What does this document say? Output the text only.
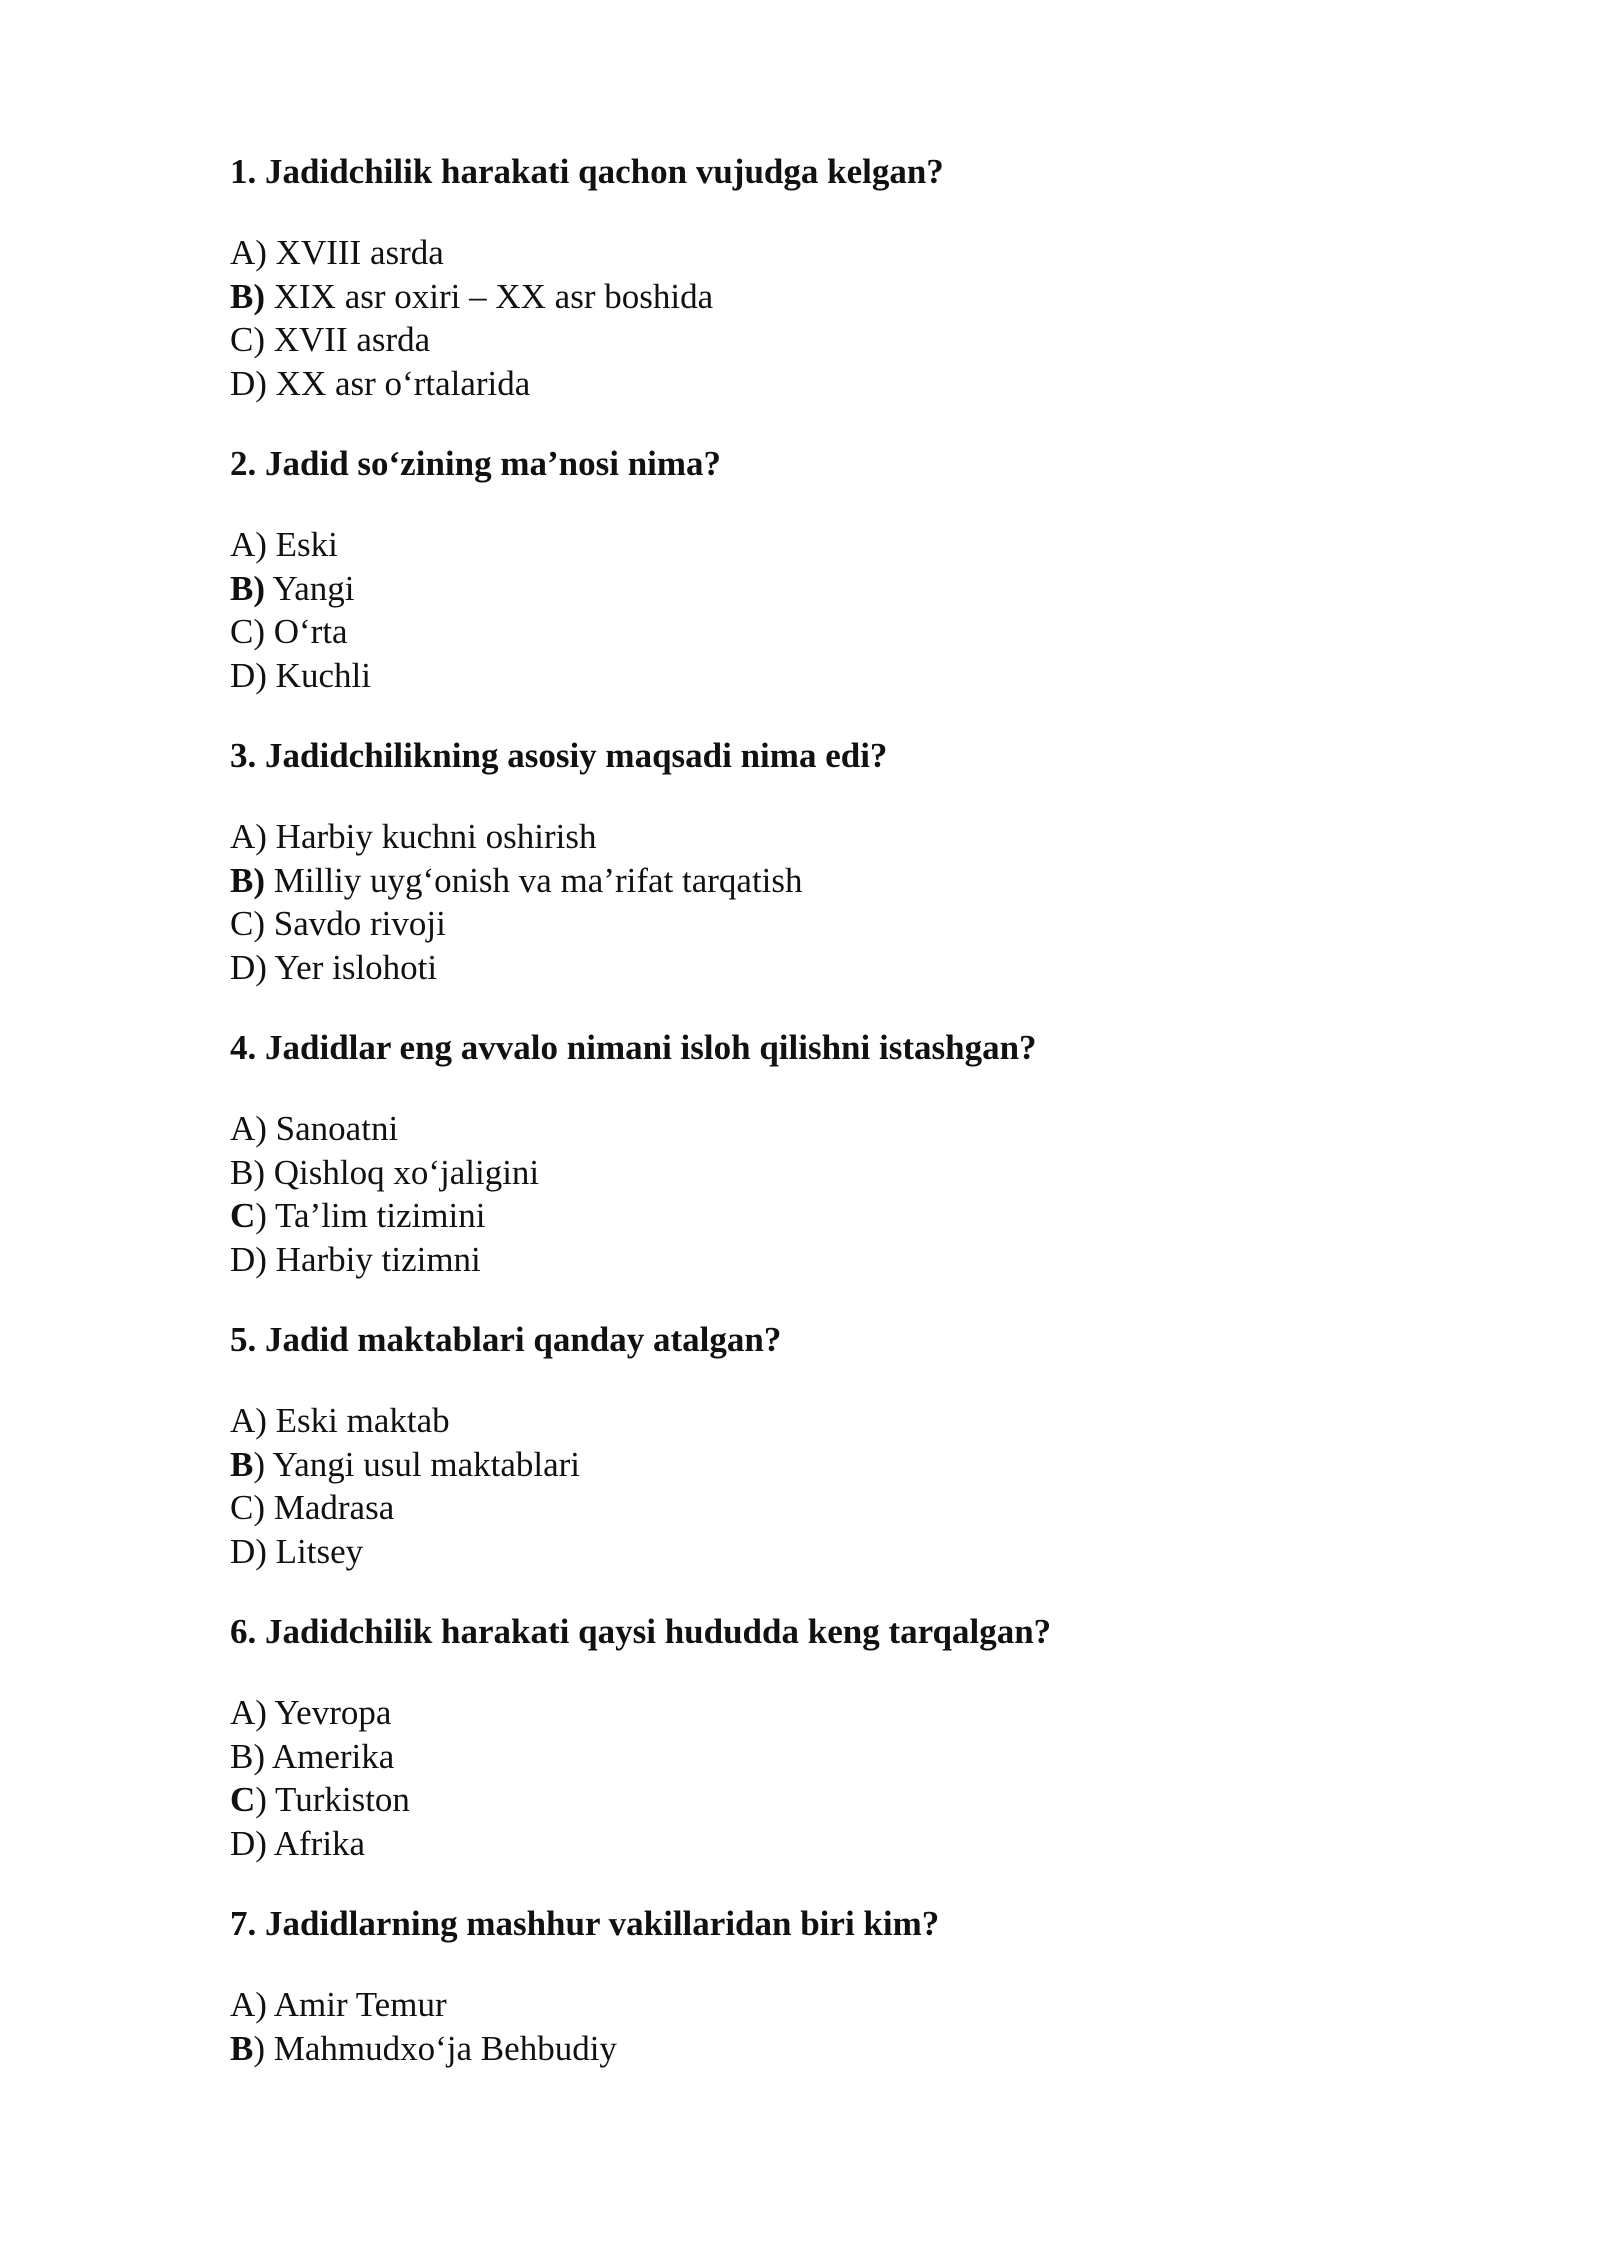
1. Jadidchilik harakati qachon vujudga kelgan?
A) XVIII asrda
B) XIX asr oxiri – XX asr boshida
C) XVII asrda
D) XX asr o‘rtalarida
2. Jadid so‘zining ma’nosi nima?
A) Eski
B) Yangi
C) O‘rta
D) Kuchli
3. Jadidchilikning asosiy maqsadi nima edi?
A) Harbiy kuchni oshirish
B) Milliy uyg‘onish va ma’rifat tarqatish
C) Savdo rivoji
D) Yer islohoti
4. Jadidlar eng avvalo nimani isloh qilishni istashgan?
A) Sanoatni
B) Qishloq xo‘jaligini
C) Ta’lim tizimini
D) Harbiy tizimni
5. Jadid maktablari qanday atalgan?
A) Eski maktab
B) Yangi usul maktablari
C) Madrasa
D) Litsey
6. Jadidchilik harakati qaysi hududda keng tarqalgan?
A) Yevropa
B) Amerika
C) Turkiston
D) Afrika
7. Jadidlarning mashhur vakillaridan biri kim?
A) Amir Temur
B) Mahmudxo‘ja Behbudiy
